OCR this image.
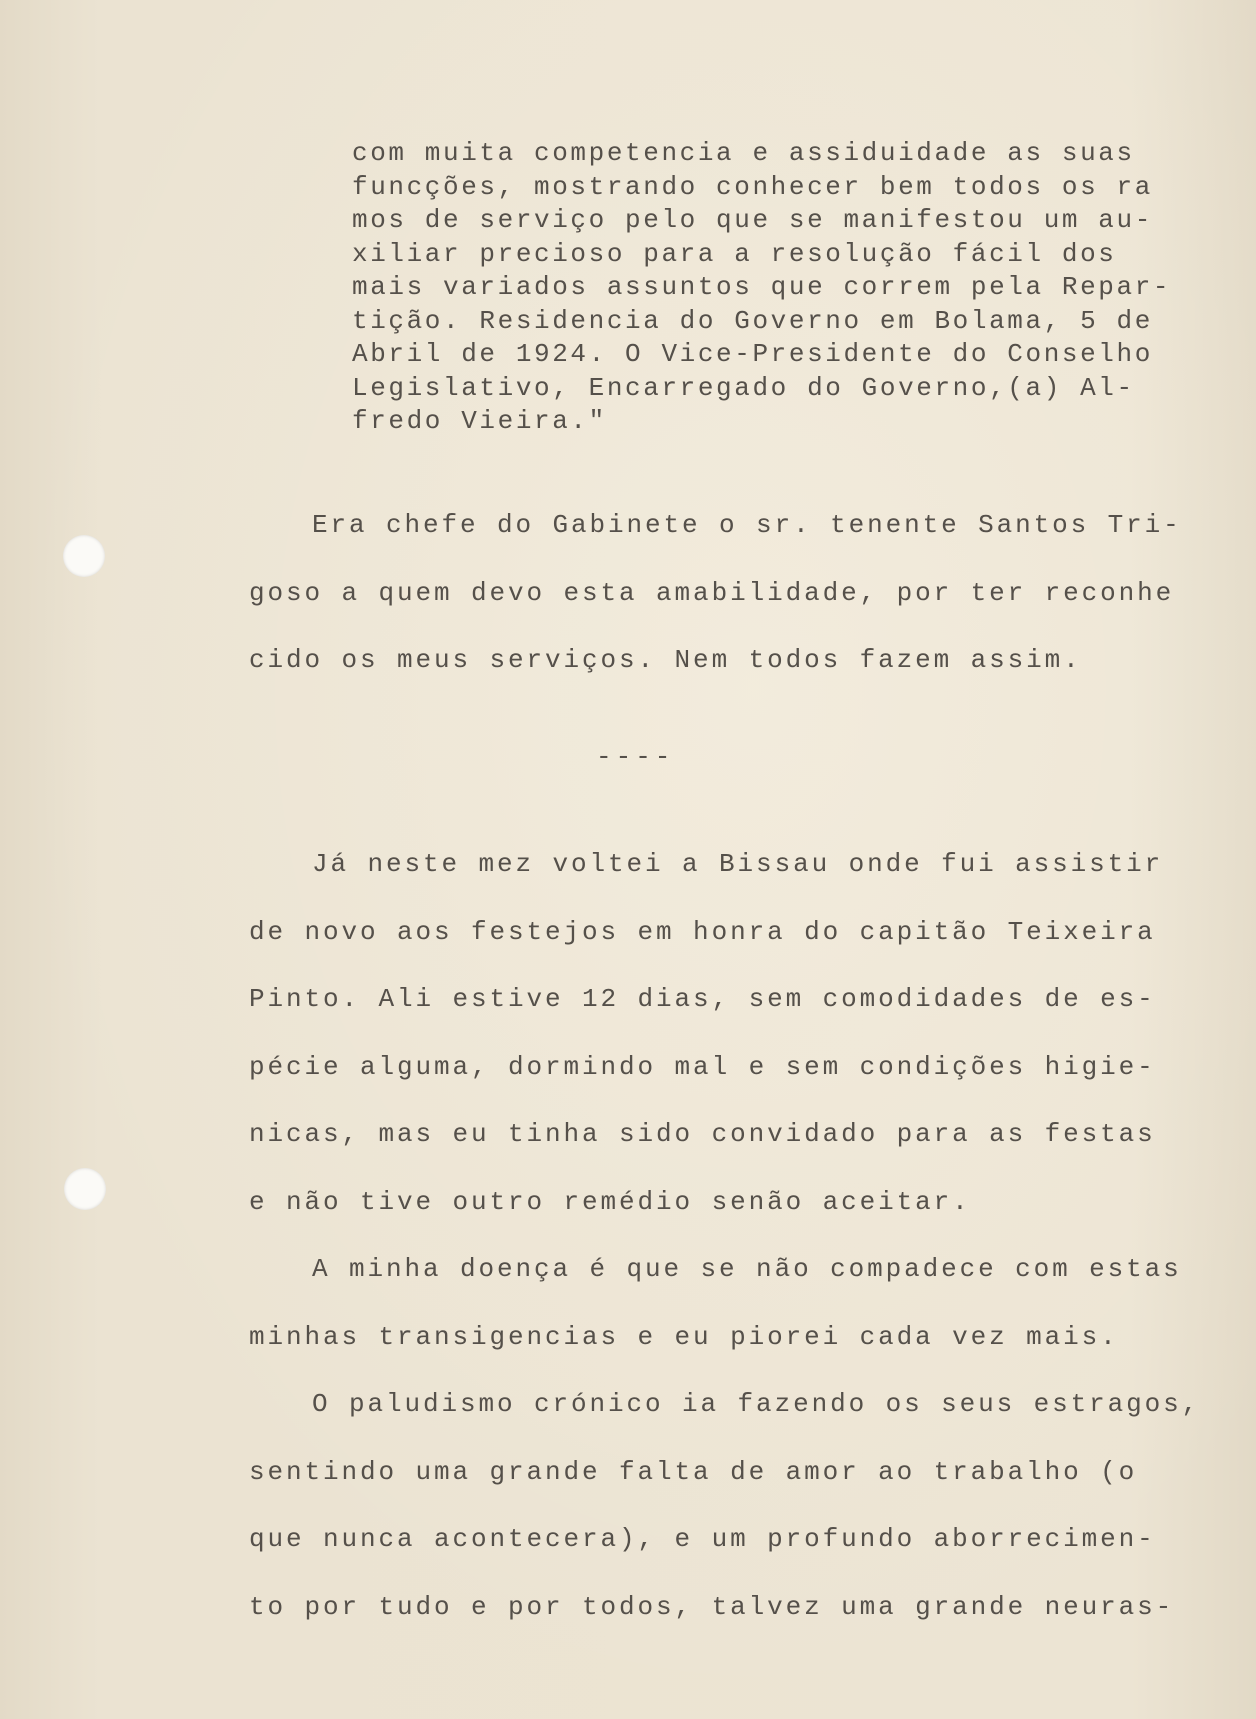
com muita competencia e assiduidade as suas
funcções, mostrando conhecer bem todos os ra
mos de serviço pelo que se manifestou um au-
xiliar precioso para a resolução fácil dos
mais variados assuntos que correm pela Repar-
tição. Residencia do Governo em Bolama, 5 de
Abril de 1924. O Vice-Presidente do Conselho
Legislativo, Encarregado do Governo,(a) Al-
fredo Vieira."
Era chefe do Gabinete o sr. tenente Santos Tri-
goso a quem devo esta amabilidade, por ter reconhe
cido os meus serviços. Nem todos fazem assim.
----
Já neste mez voltei a Bissau onde fui assistir
de novo aos festejos em honra do capitão Teixeira
Pinto. Ali estive 12 dias, sem comodidades de es-
pécie alguma, dormindo mal e sem condições higie-
nicas, mas eu tinha sido convidado para as festas
e não tive outro remédio senão aceitar.
A minha doença é que se não compadece com estas
minhas transigencias e eu piorei cada vez mais.
O paludismo crónico ia fazendo os seus estragos,
sentindo uma grande falta de amor ao trabalho (o
que nunca acontecera), e um profundo aborrecimen-
to por tudo e por todos, talvez uma grande neuras-
